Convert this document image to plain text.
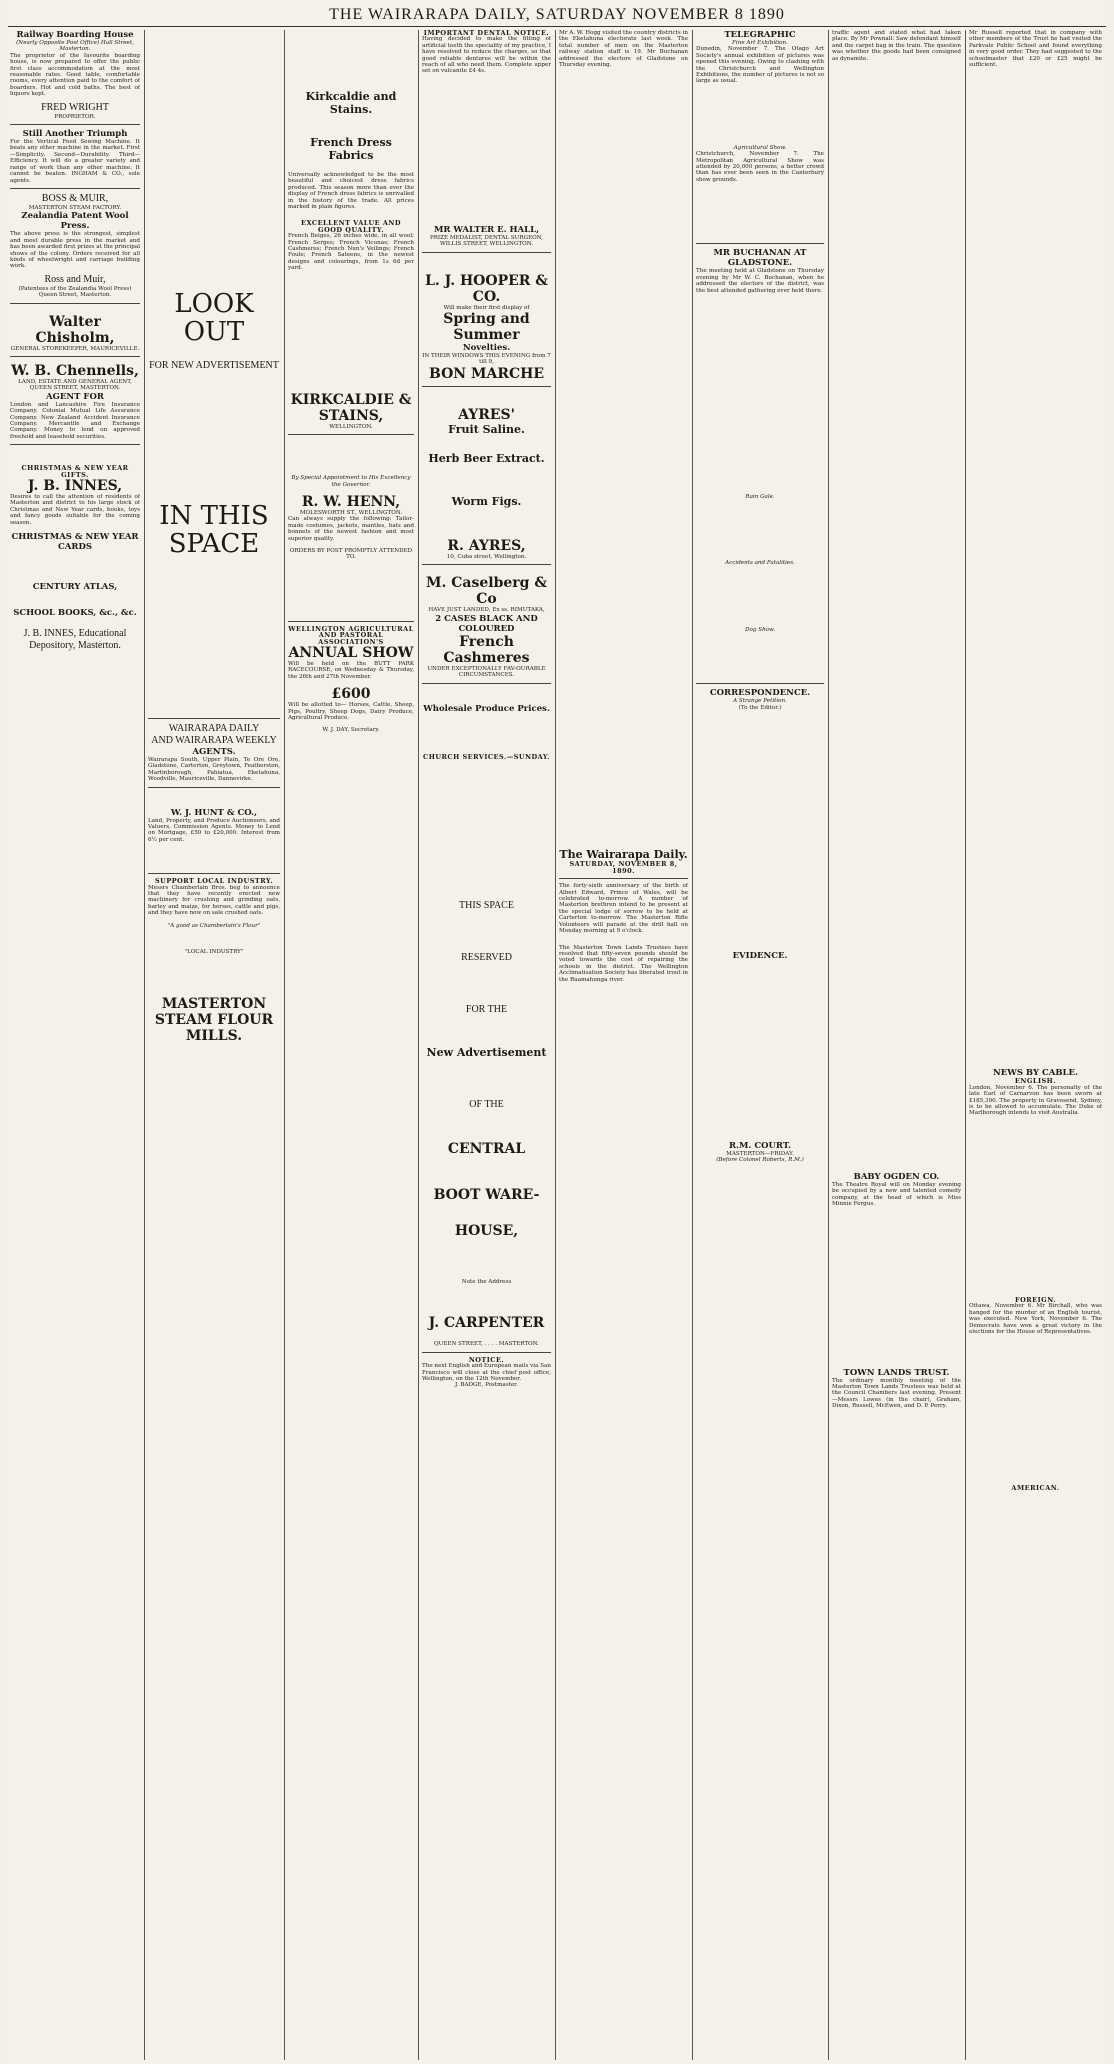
THE WAIRARAPA DAILY, SATURDAY NOVEMBER 8 1890
Railway Boarding House
(Nearly Opposite Post Office) Hall Street, Masterton.
The proprietor of the favourite boarding house, is now prepared to offer the public first class accommodation at the most reasonable rates. Good table, comfortable rooms, every attention paid to the comfort of boarders. Hot and cold baths. The best of liquors kept.
FRED WRIGHT
PROPRIETOR.
Still Another Triumph
For the Vertical Feed Sewing Machine. It beats any other machine in the market. First—Simplicity. Second—Durability. Third—Efficiency. It will do a greater variety and range of work than any other machine. It cannot be beaten. INGHAM & CO., sole agents.
BOSS & MUIR,
MASTERTON STEAM FACTORY.
Zealandia Patent Wool Press.
The above press is the strongest, simplest and most durable press in the market and has been awarded first prizes at the principal shows of the colony. Orders received for all kinds of wheelwright and carriage building work.
Ross and Muir,
(Patentees of the Zealandia Wool Press) Queen Street, Masterton.
Walter Chisholm,
GENERAL STOREKEEPER, MAURICEVILLE.
W. B. Chennells,
LAND, ESTATE AND GENERAL AGENT, QUEEN STREET, MASTERTON.
AGENT FOR
London and Lancashire Fire Insurance Company. Colonial Mutual Life Assurance Company. New Zealand Accident Insurance Company. Mercantile and Exchange Company. Money to lend on approved freehold and leasehold securities.
CHRISTMAS & NEW YEAR GIFTS.
J. B. INNES,
Desires to call the attention of residents of Masterton and district to his large stock of Christmas and New Year cards, books, toys and fancy goods suitable for the coming season.
CHRISTMAS & NEW YEAR CARDS
CENTURY ATLAS,
SCHOOL BOOKS, &c., &c.
J. B. INNES, Educational Depository, Masterton.
LOOK OUT
FOR NEW ADVERTISEMENT
IN THIS SPACE
WAIRARAPA DAILY
AND WAIRARAPA WEEKLY
AGENTS.
Wairarapa South, Upper Plain, Te Ore Ore, Gladstone, Carterton, Greytown, Featherston, Martinborough, Pahiatua, Eketahuna, Woodville, Mauriceville, Dannevirke.
W. J. HUNT & CO.,
Land, Property, and Produce Auctioneers, and Valuers, Commission Agents. Money to Lend on Mortgage, £50 to £20,000. Interest from 6½ per cent.
SUPPORT LOCAL INDUSTRY.
Messrs Chamberlain Bros. beg to announce that they have recently erected new machinery for crushing and grinding oats, barley and maize, for horses, cattle and pigs, and they have now on sale crushed oats.
"A good as Chamberlain's Flour"
"LOCAL INDUSTRY"
MASTERTON STEAM FLOUR MILLS.
Kirkcaldie and Stains.
French Dress Fabrics
Universally acknowledged to be the most beautiful and choicest dress fabrics produced. This season more than ever the display of French dress fabrics is unrivalled in the history of the trade. All prices marked in plain figures.
EXCELLENT VALUE AND GOOD QUALITY.
French Beiges, 26 inches wide, in all wool; French Serges; French Vicunas; French Cashmeres; French Nun's Veilings; French Foule; French Sateens, in the newest designs and colourings, from 1s 6d per yard.
KIRKCALDIE & STAINS,
WELLINGTON.
By Special Appointment to His Excellency the Governor.
R. W. HENN,
MOLESWORTH ST., WELLINGTON.
Can always supply the following: Tailor-made costumes, jackets, mantles, hats and bonnets of the newest fashion and most superior quality.
ORDERS BY POST PROMPTLY ATTENDED TO.
WELLINGTON AGRICULTURAL AND PASTORAL ASSOCIATION'S
ANNUAL SHOW
Will be held on the BUTT PARK RACECOURSE, on Wednesday & Thursday, the 26th and 27th November.
£600
Will be allotted to— Horses, Cattle, Sheep, Pigs, Poultry, Sheep Dogs, Dairy Produce, Agricultural Produce.
W. J. DAY, Secretary.
IMPORTANT DENTAL NOTICE.
Having decided to make the fitting of artificial teeth the speciality of my practice, I have resolved to reduce the charges, so that good reliable dentures will be within the reach of all who need them. Complete upper set on vulcanite £4 4s.
MR WALTER E. HALL,
PRIZE MEDALIST, DENTAL SURGEON, WILLIS STREET, WELLINGTON.
L. J. HOOPER & CO.
Will make their first display of
Spring and Summer
Novelties.
IN THEIR WINDOWS THIS EVENING from 7 till 9,
BON MARCHE
AYRES'
Fruit Saline.
Herb Beer Extract.
Worm Figs.
R. AYRES,
10, Cuba street, Wellington.
M. Caselberg & Co
HAVE JUST LANDED, Ex ss. RIMUTAKA,
2 CASES BLACK AND COLOURED
French Cashmeres
UNDER EXCEPTIONALLY FAV-OURABLE CIRCUMSTANCES.
Wholesale Produce Prices.
CHURCH SERVICES.—SUNDAY.
THIS SPACE
RESERVED
FOR THE
New Advertisement
OF THE
CENTRAL
BOOT WARE-
HOUSE,
Note the Address
J. CARPENTER
QUEEN STREET, . . . . MASTERTON.
NOTICE.
The next English and European mails via San Francisco will close at the chief post office, Wellington, on the 12th November.
J. BADGE, Postmaster.
Mr A. W. Hogg visited the country districts in the Eketahuna electorate last week. The total number of men on the Masterton railway station staff is 19. Mr Buchanan addressed the electors of Gladstone on Thursday evening.
The Wairarapa Daily.
SATURDAY, NOVEMBER 8, 1890.
The forty-sixth anniversary of the birth of Albert Edward, Prince of Wales, will be celebrated to-morrow. A number of Masterton brethren intend to be present at the special lodge of sorrow to be held at Carterton to-morrow. The Masterton Rifle Volunteers will parade at the drill hall on Monday morning at 9 o'clock.
The Masterton Town Lands Trustees have resolved that fifty-seven pounds should be voted towards the cost of repairing the schools in the district. The Wellington Acclimatisation Society has liberated trout in the Ruamahunga river.
TELEGRAPHIC
Fine Art Exhibition.
Dunedin, November 7. The Otago Art Society's annual exhibition of pictures was opened this evening. Owing to clashing with the Christchurch and Wellington Exhibitions, the number of pictures is not so large as usual.
Agricultural Show.
Christchurch, November 7. The Metropolitan Agricultural Show was attended by 20,000 persons, a better crowd than has ever been seen in the Canterbury show grounds.
MR BUCHANAN AT GLADSTONE.
The meeting held at Gladstone on Thursday evening by Mr W. C. Buchanan, when he addressed the electors of the district, was the best attended gathering ever held there.
Rain Gale.
Accidents and Fatalities.
Dog Show.
CORRESPONDENCE.
A Strange Petition.
(To the Editor.)
EVIDENCE.
R.M. COURT.
MASTERTON—FRIDAY.
(Before Colonel Roberts, R.M.)
traffic agent and stated what had taken place. By Mr Pownall: Saw defendant himself and the carpet bag in the train. The question was whether the goods had been consigned as dynamite.
BABY OGDEN CO.
The Theatre Royal will on Monday evening be occupied by a new and talented comedy company, at the head of which is Miss Minnie Fergus.
TOWN LANDS TRUST.
The ordinary monthly meeting of the Masterton Town Lands Trustees was held at the Council Chambers last evening. Present—Messrs Lowes (in the chair), Graham, Dixon, Russell, McEwen, and D. P. Perry.
Mr Russell reported that in company with other members of the Trust he had visited the Parkvale Public School and found everything in very good order. They had suggested to the schoolmaster that £20 or £25 might be sufficient.
NEWS BY CABLE.
ENGLISH.
London, November 6. The personalty of the late Earl of Carnarvon has been sworn at £185,390. The property in Gravesend, Sydney, is to be allowed to accumulate. The Duke of Marlborough intends to visit Australia.
FOREIGN.
Ottawa, November 6. Mr Birchall, who was hanged for the murder of an English tourist, was executed. New York, November 6. The Democrats have won a great victory in the elections for the House of Representatives.
AMERICAN.
